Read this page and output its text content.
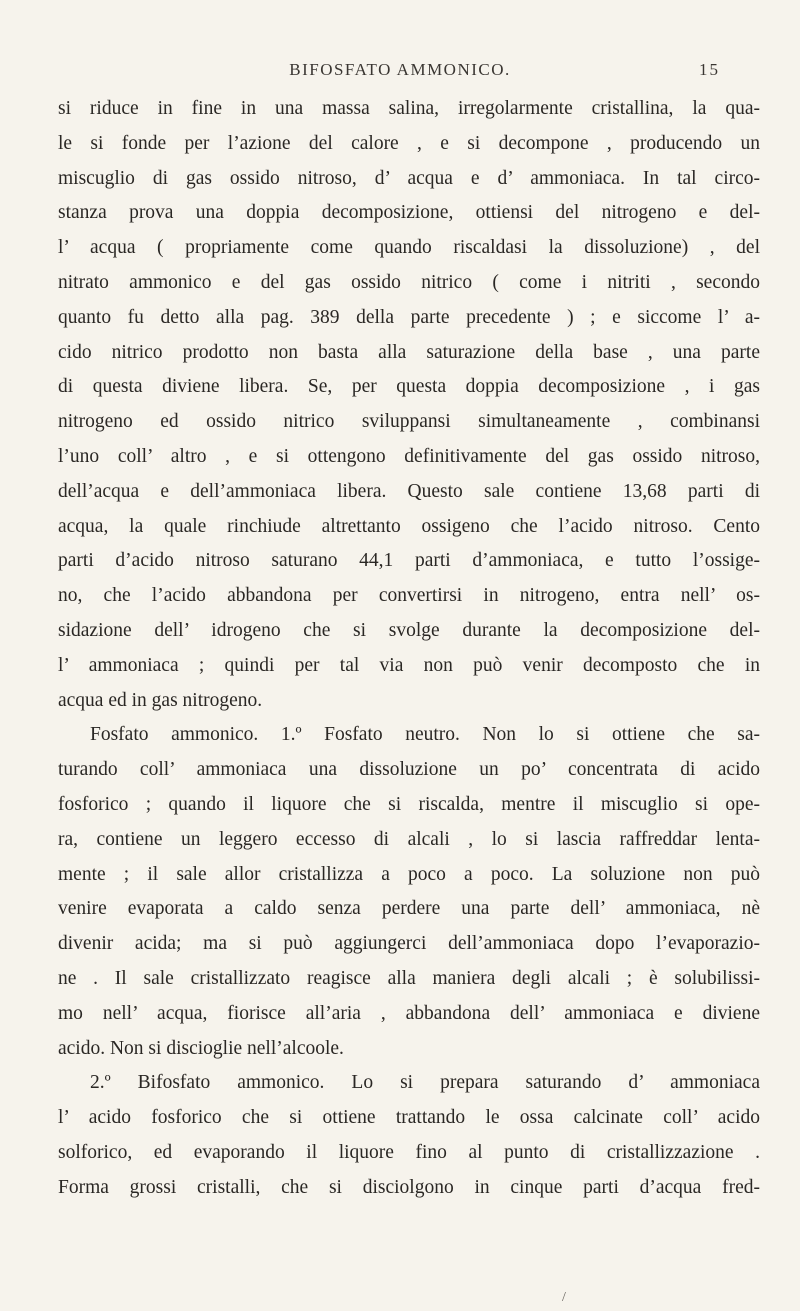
BIFOSFATO AMMONICO.	15
si riduce in fine in una massa salina, irregolarmente cristallina, la qua-
le si fonde per l’azione del calore , e si decompone , producendo un
miscuglio di gas ossido nitroso, d’ acqua e d’ ammoniaca. In tal circo-
stanza prova una doppia decomposizione, ottiensi del nitrogeno e del-
l’ acqua ( propriamente come quando riscaldasi la dissoluzione) , del
nitrato ammonico e del gas ossido nitrico ( come i nitriti , secondo
quanto fu detto alla pag. 389 della parte precedente ) ; e siccome l’ a-
cido nitrico prodotto non basta alla saturazione della base , una parte
di questa diviene libera. Se, per questa doppia decomposizione , i gas
nitrogeno ed ossido nitrico sviluppansi simultaneamente , combinansi
l’uno coll’ altro , e si ottengono definitivamente del gas ossido nitroso,
dell’acqua e dell’ammoniaca libera. Questo sale contiene 13,68 parti di
acqua, la quale rinchiude altrettanto ossigeno che l’acido nitroso. Cento
parti d’acido nitroso saturano 44,1 parti d’ammoniaca, e tutto l’ossige-
no, che l’acido abbandona per convertirsi in nitrogeno, entra nell’ os-
sidazione dell’ idrogeno che si svolge durante la decomposizione del-
l’ ammoniaca ; quindi per tal via non può venir decomposto che in
acqua ed in gas nitrogeno.
Fosfato ammonico. 1.º Fosfato neutro. Non lo si ottiene che sa-
turando coll’ ammoniaca una dissoluzione un po’ concentrata di acido
fosforico ; quando il liquore che si riscalda, mentre il miscuglio si ope-
ra, contiene un leggero eccesso di alcali , lo si lascia raffreddar lenta-
mente ; il sale allor cristallizza a poco a poco. La soluzione non può
venire evaporata a caldo senza perdere una parte dell’ ammoniaca, nè
divenir acida; ma si può aggiungerci dell’ammoniaca dopo l’evaporazio-
ne . Il sale cristallizzato reagisce alla maniera degli alcali ; è solubilissi-
mo nell’ acqua, fiorisce all’aria , abbandona dell’ ammoniaca e diviene
acido. Non si discioglie nell’alcoole.
2.º Bifosfato ammonico. Lo si prepara saturando d’ ammoniaca
l’ acido fosforico che si ottiene trattando le ossa calcinate coll’ acido
solforico, ed evaporando il liquore fino al punto di cristallizzazione .
Forma grossi cristalli, che si disciolgono in cinque parti d’acqua fred-
/
